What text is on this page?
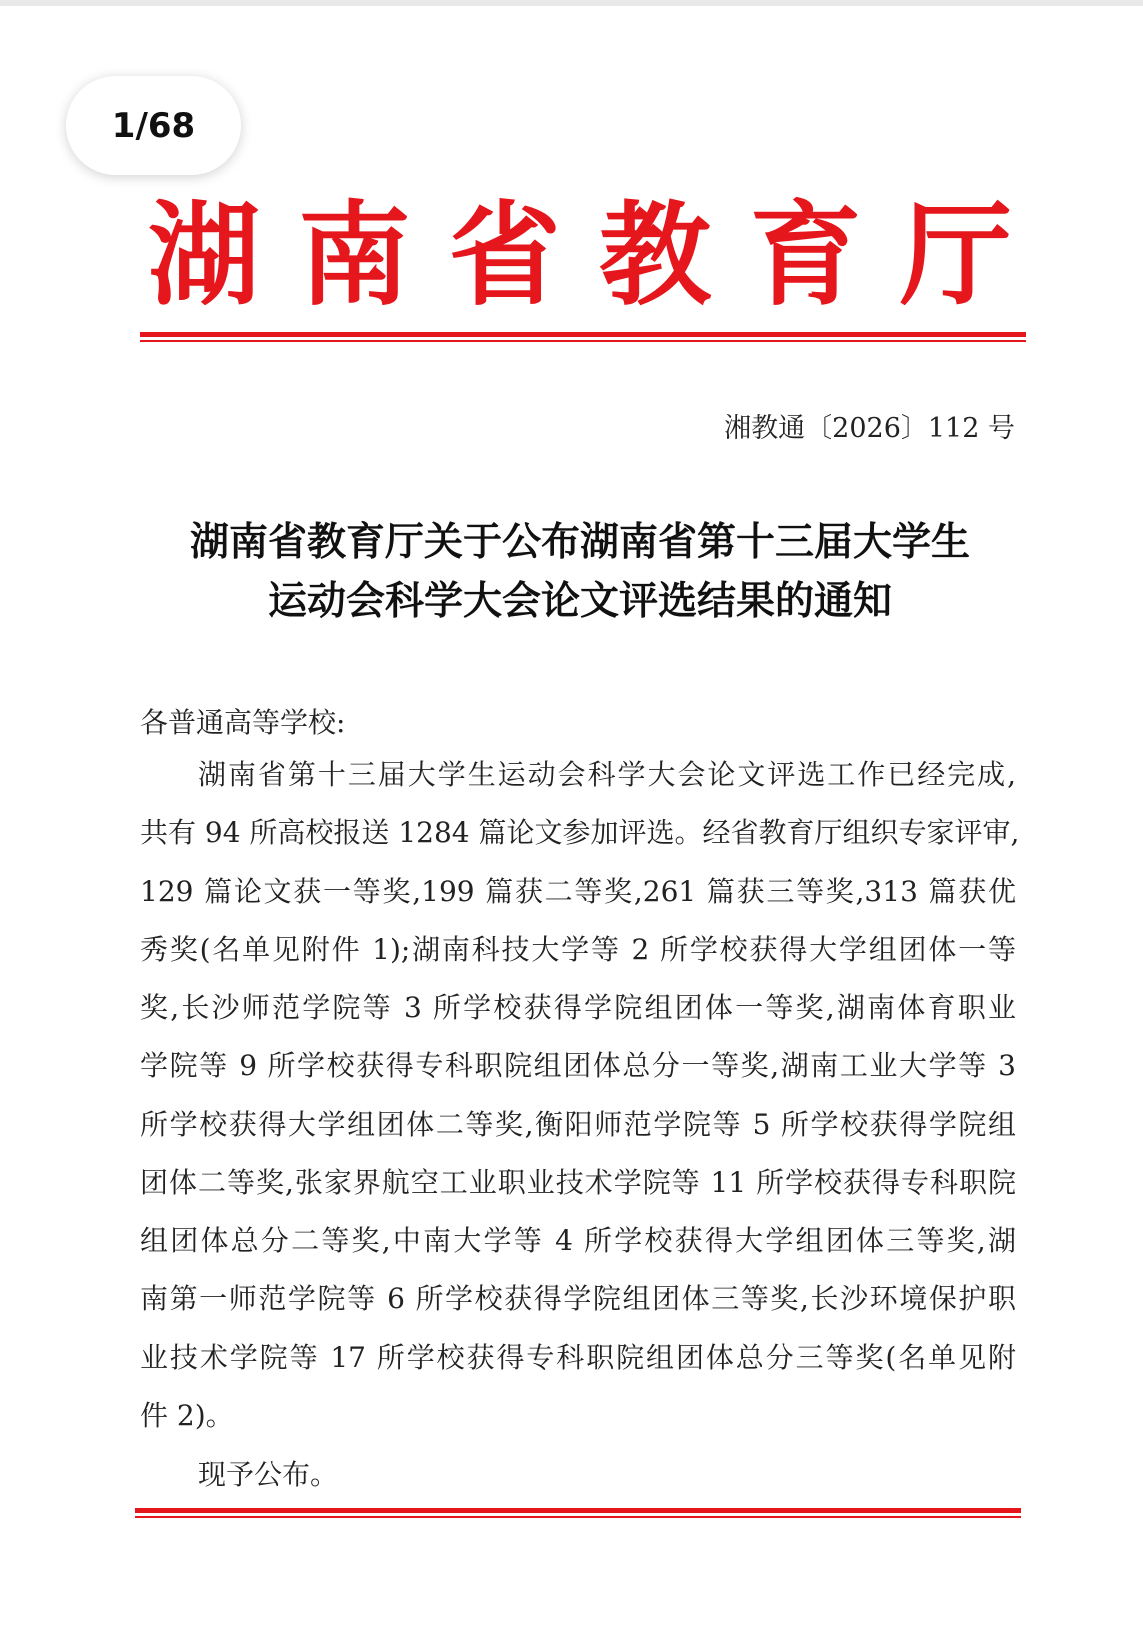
1/68
湖 南 省 教 育 厅
湘教通〔2026〕112 号
湖南省教育厅关于公布湖南省第十三届大学生
运动会科学大会论文评选结果的通知
各普通高等学校:
湖南省第十三届大学生运动会科学大会论文评选工作已经完成,
共有 94 所高校报送 1284 篇论文参加评选。经省教育厅组织专家评审,
129 篇论文获一等奖,199 篇获二等奖,261 篇获三等奖,313 篇获优
秀奖(名单见附件 1);湖南科技大学等 2 所学校获得大学组团体一等
奖,长沙师范学院等 3 所学校获得学院组团体一等奖,湖南体育职业
学院等 9 所学校获得专科职院组团体总分一等奖,湖南工业大学等 3
所学校获得大学组团体二等奖,衡阳师范学院等 5 所学校获得学院组
团体二等奖,张家界航空工业职业技术学院等 11 所学校获得专科职院
组团体总分二等奖,中南大学等 4 所学校获得大学组团体三等奖,湖
南第一师范学院等 6 所学校获得学院组团体三等奖,长沙环境保护职
业技术学院等 17 所学校获得专科职院组团体总分三等奖(名单见附
件 2)。
现予公布。
